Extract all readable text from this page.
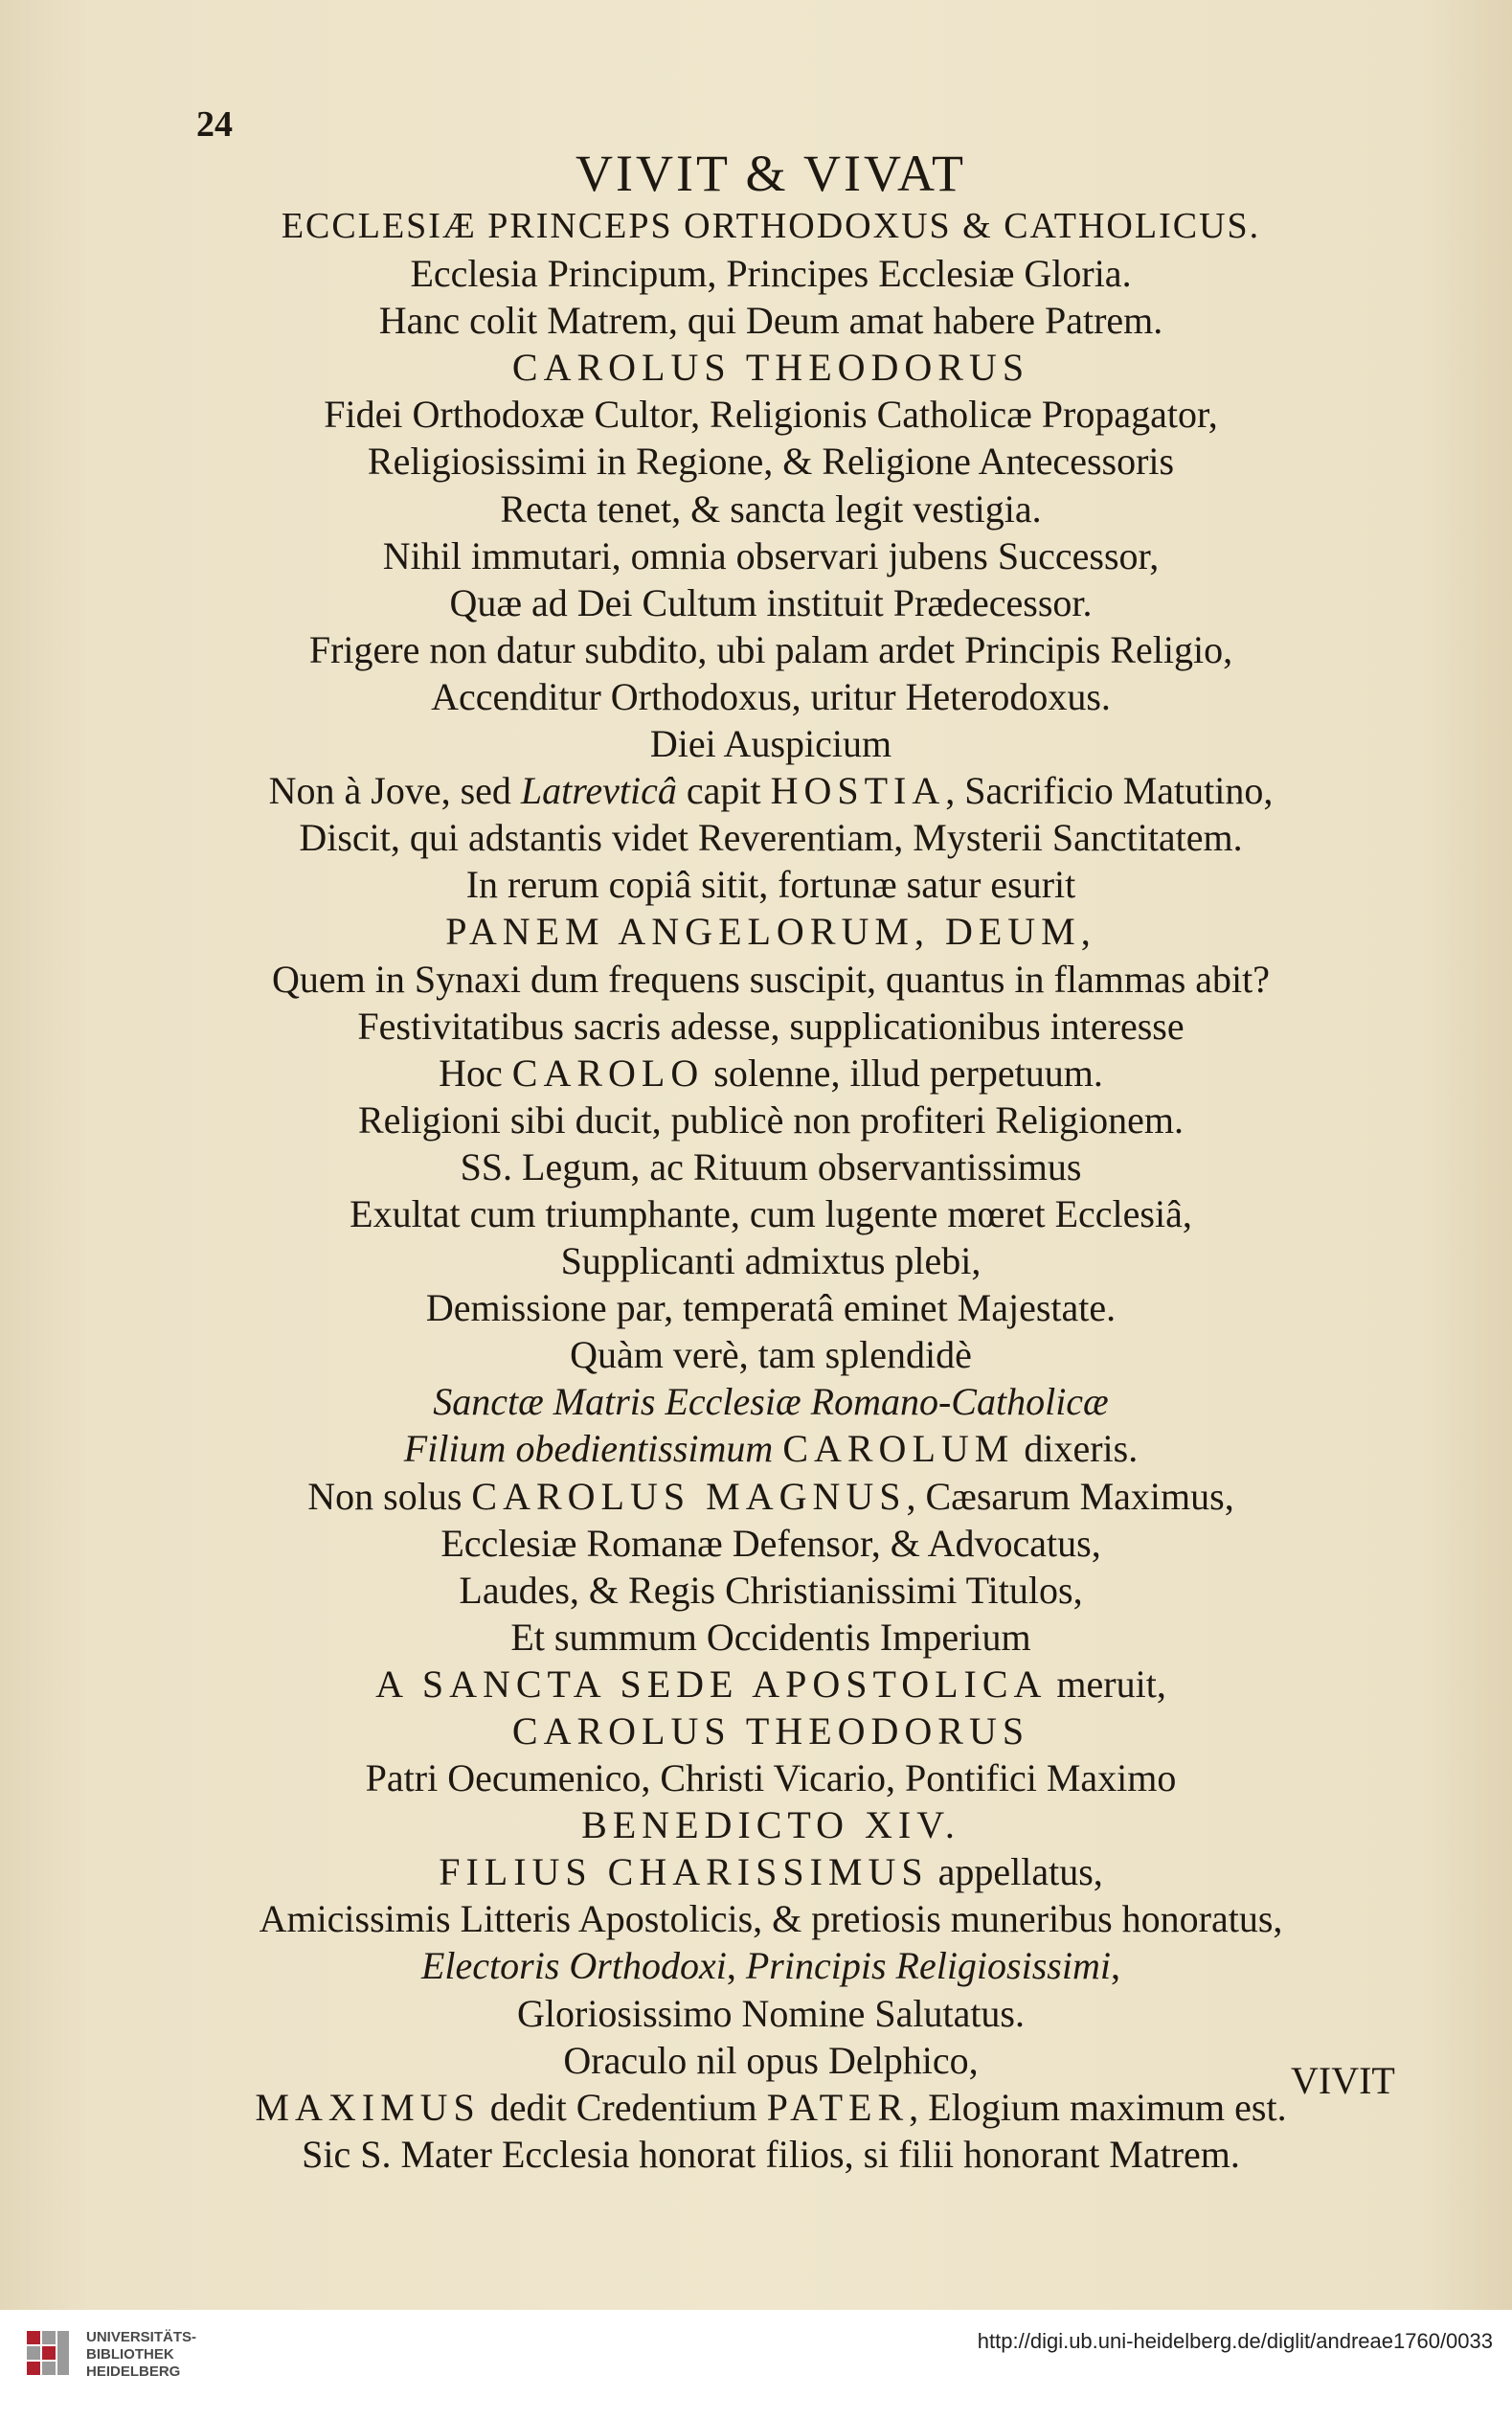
24
VIVIT & VIVAT
ECCLESIÆ PRINCEPS ORTHODOXUS & CATHOLICUS.
Ecclesia Principum, Principes Ecclesiæ Gloria.
Hanc colit Matrem, qui Deum amat habere Patrem.
CAROLUS THEODORUS
Fidei Orthodoxæ Cultor, Religionis Catholicæ Propagator,
Religiosissimi in Regione, & Religione Antecessoris
Recta tenet, & sancta legit vestigia.
Nihil immutari, omnia observari jubens Successor,
Quæ ad Dei Cultum instituit Prædecessor.
Frigere non datur subdito, ubi palam ardet Principis Religio,
Accenditur Orthodoxus, uritur Heterodoxus.
Diei Auspicium
Non à Jove, sed Latrevticâ capit HOSTIA, Sacrificio Matutino,
Discit, qui adstantis videt Reverentiam, Mysterii Sanctitatem.
In rerum copiâ sitit, fortunæ satur esurit
PANEM ANGELORUM, DEUM,
Quem in Synaxi dum frequens suscipit, quantus in flammas abit?
Festivitatibus sacris adesse, supplicationibus interesse
Hoc CAROLO solenne, illud perpetuum.
Religioni sibi ducit, publicè non profiteri Religionem.
SS. Legum, ac Rituum observantissimus
Exultat cum triumphante, cum lugente mœret Ecclesiâ,
Supplicanti admixtus plebi,
Demissione par, temperatâ eminet Majestate.
Quàm verè, tam splendidè
Sanctæ Matris Ecclesiæ Romano-Catholicæ
Filium obedientissimum CAROLUM dixeris.
Non solus CAROLUS MAGNUS, Cæsarum Maximus,
Ecclesiæ Romanæ Defensor, & Advocatus,
Laudes, & Regis Christianissimi Titulos,
Et summum Occidentis Imperium
A SANCTA SEDE APOSTOLICA meruit,
CAROLUS THEODORUS
Patri Oecumenico, Christi Vicario, Pontifici Maximo
BENEDICTO XIV.
FILIUS CHARISSIMUS appellatus,
Amicissimis Litteris Apostolicis, & pretiosis muneribus honoratus,
Electoris Orthodoxi, Principis Religiosissimi,
Gloriosissimo Nomine Salutatus.
Oraculo nil opus Delphico,
MAXIMUS dedit Credentium PATER, Elogium maximum est.
Sic S. Mater Ecclesia honorat filios, si filii honorant Matrem.
VIVIT
UNIVERSITÄTS-
BIBLIOTHEK
HEIDELBERG
http://digi.ub.uni-heidelberg.de/diglit/andreae1760/0033
